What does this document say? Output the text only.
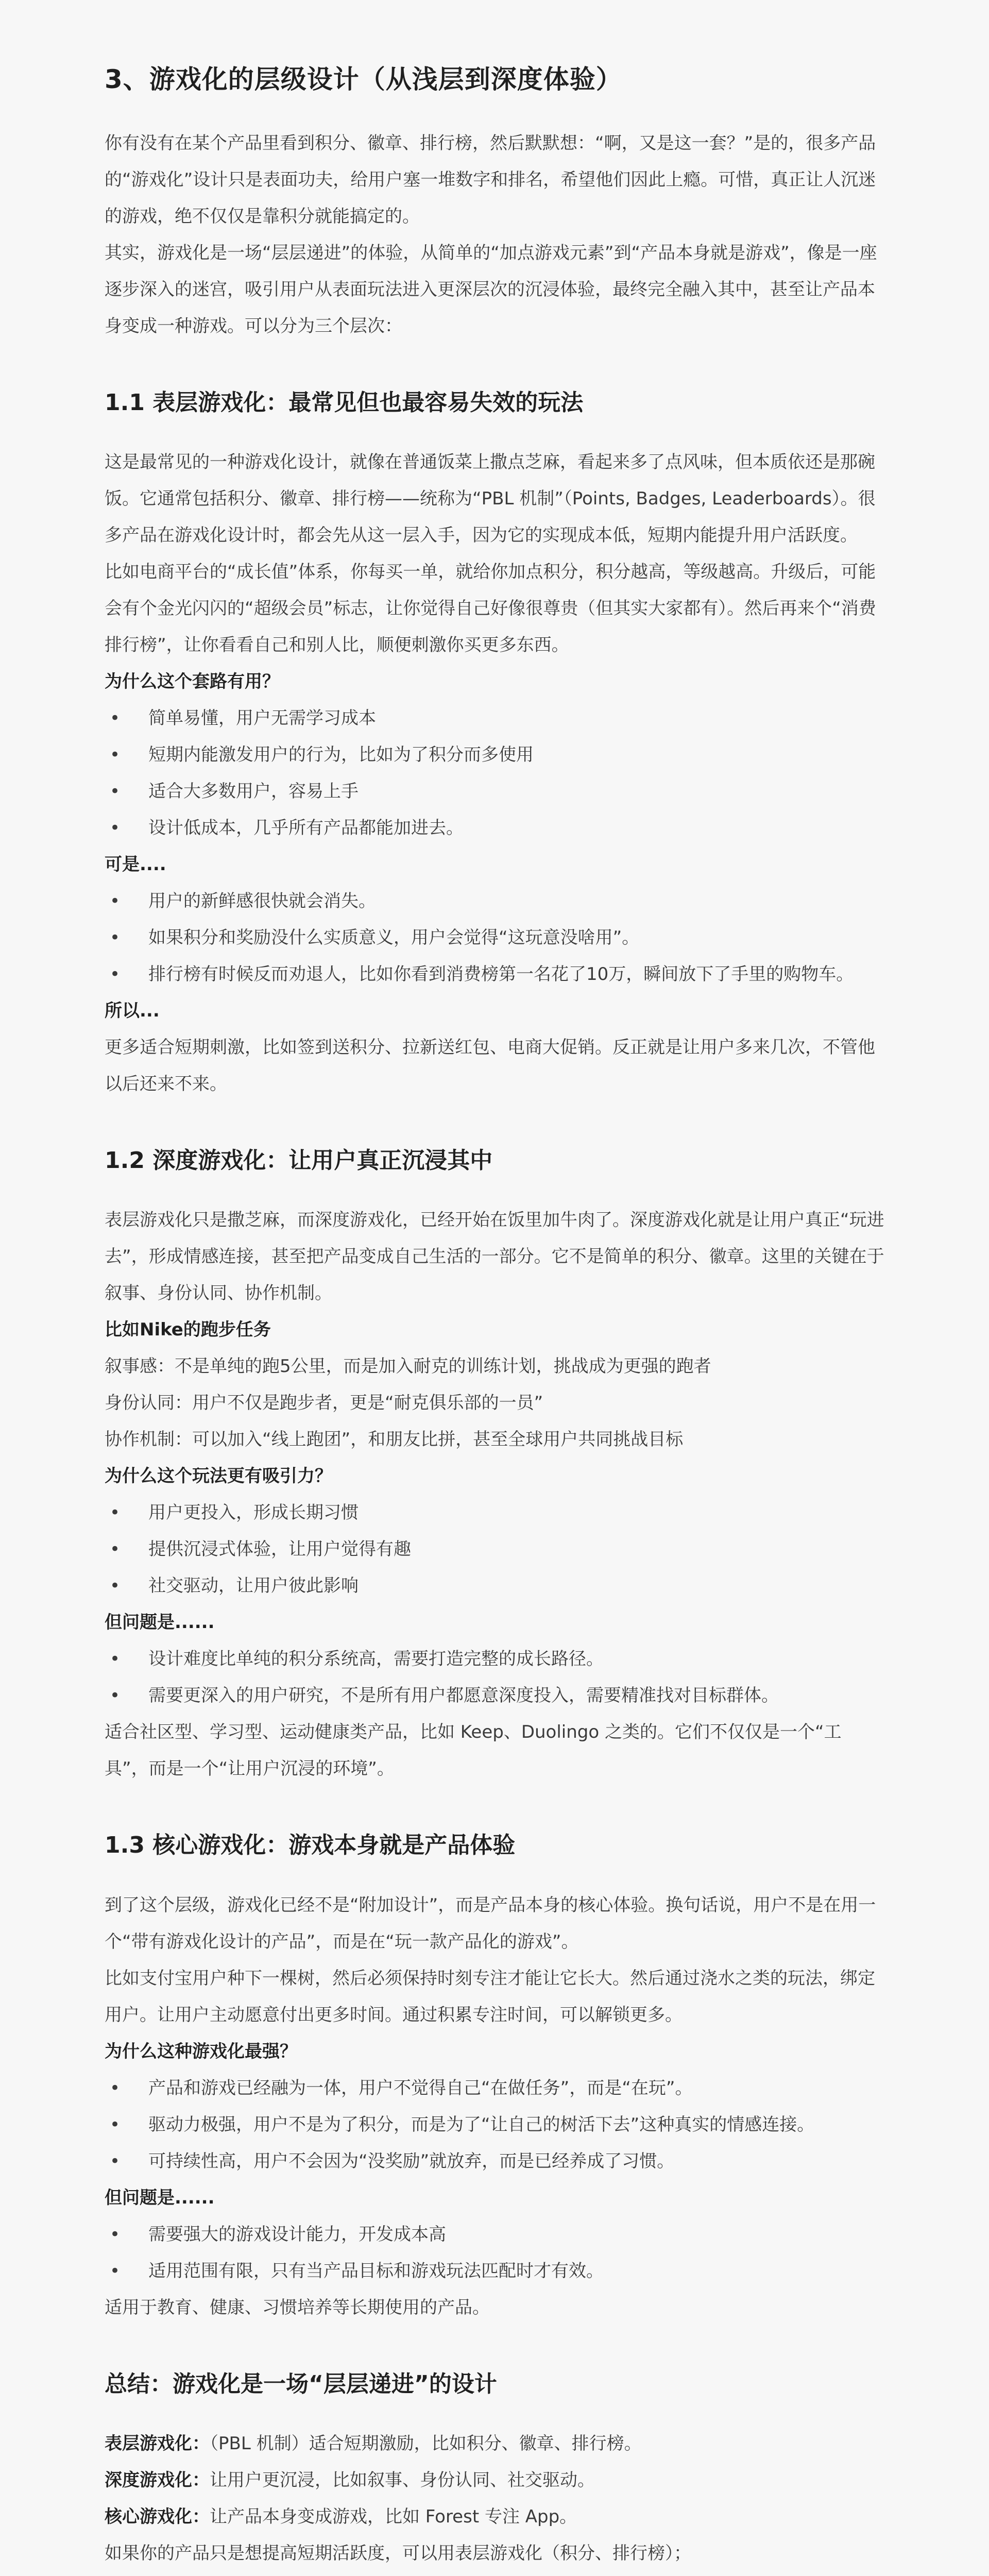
3、游戏化的层级设计（从浅层到深度体验）

你有没有在某个产品里看到积分、徽章、排行榜，然后默默想：“啊，又是这一套？”是的，很多产品的“游戏化”设计只是表面功夫，给用户塞一堆数字和排名，希望他们因此上瘾。可惜，真正让人沉迷的游戏，绝不仅仅是靠积分就能搞定的。

其实，游戏化是一场“层层递进”的体验，从简单的“加点游戏元素”到“产品本身就是游戏”，像是一座逐步深入的迷宫，吸引用户从表面玩法进入更深层次的沉浸体验，最终完全融入其中，甚至让产品本身变成一种游戏。可以分为三个层次：

1.1 表层游戏化：最常见但也最容易失效的玩法

这是最常见的一种游戏化设计，就像在普通饭菜上撒点芝麻，看起来多了点风味，但本质依还是那碗饭。它通常包括积分、徽章、排行榜——统称为“PBL 机制”（Points, Badges, Leaderboards）。很多产品在游戏化设计时，都会先从这一层入手，因为它的实现成本低，短期内能提升用户活跃度。

比如电商平台的“成长值”体系，你每买一单，就给你加点积分，积分越高，等级越高。升级后，可能会有个金光闪闪的“超级会员”标志，让你觉得自己好像很尊贵（但其实大家都有）。然后再来个“消费排行榜”，让你看看自己和别人比，顺便刺激你买更多东西。

为什么这个套路有用？

• 简单易懂，用户无需学习成本
• 短期内能激发用户的行为，比如为了积分而多使用
• 适合大多数用户，容易上手
• 设计低成本，几乎所有产品都能加进去。

可是....

• 用户的新鲜感很快就会消失。
• 如果积分和奖励没什么实质意义，用户会觉得“这玩意没啥用”。
• 排行榜有时候反而劝退人，比如你看到消费榜第一名花了10万，瞬间放下了手里的购物车。

所以...

更多适合短期刺激，比如签到送积分、拉新送红包、电商大促销。反正就是让用户多来几次，不管他以后还来不来。

1.2 深度游戏化：让用户真正沉浸其中

表层游戏化只是撒芝麻，而深度游戏化，已经开始在饭里加牛肉了。深度游戏化就是让用户真正“玩进去”，形成情感连接，甚至把产品变成自己生活的一部分。它不是简单的积分、徽章。这里的关键在于叙事、身份认同、协作机制。

比如Nike的跑步任务

叙事感：不是单纯的跑5公里，而是加入耐克的训练计划，挑战成为更强的跑者

身份认同：用户不仅是跑步者，更是“耐克俱乐部的一员”

协作机制：可以加入“线上跑团”，和朋友比拼，甚至全球用户共同挑战目标

为什么这个玩法更有吸引力？

• 用户更投入，形成长期习惯
• 提供沉浸式体验，让用户觉得有趣
• 社交驱动，让用户彼此影响

但问题是......

• 设计难度比单纯的积分系统高，需要打造完整的成长路径。
• 需要更深入的用户研究，不是所有用户都愿意深度投入，需要精准找对目标群体。

适合社区型、学习型、运动健康类产品，比如 Keep、Duolingo 之类的。它们不仅仅是一个“工具”，而是一个“让用户沉浸的环境”。

1.3 核心游戏化：游戏本身就是产品体验

到了这个层级，游戏化已经不是“附加设计”，而是产品本身的核心体验。换句话说，用户不是在用一个“带有游戏化设计的产品”，而是在“玩一款产品化的游戏”。

比如支付宝用户种下一棵树，然后必须保持时刻专注才能让它长大。然后通过浇水之类的玩法，绑定用户。让用户主动愿意付出更多时间。通过积累专注时间，可以解锁更多。

为什么这种游戏化最强？

• 产品和游戏已经融为一体，用户不觉得自己“在做任务”，而是“在玩”。
• 驱动力极强，用户不是为了积分，而是为了“让自己的树活下去”这种真实的情感连接。
• 可持续性高，用户不会因为“没奖励”就放弃，而是已经养成了习惯。

但问题是......

• 需要强大的游戏设计能力，开发成本高
• 适用范围有限，只有当产品目标和游戏玩法匹配时才有效。

适用于教育、健康、习惯培养等长期使用的产品。

总结：游戏化是一场“层层递进”的设计

表层游戏化：（PBL 机制）适合短期激励，比如积分、徽章、排行榜。

深度游戏化：让用户更沉浸，比如叙事、身份认同、社交驱动。

核心游戏化：让产品本身变成游戏，比如 Forest 专注 App。

如果你的产品只是想提高短期活跃度，可以用表层游戏化（积分、排行榜）；
